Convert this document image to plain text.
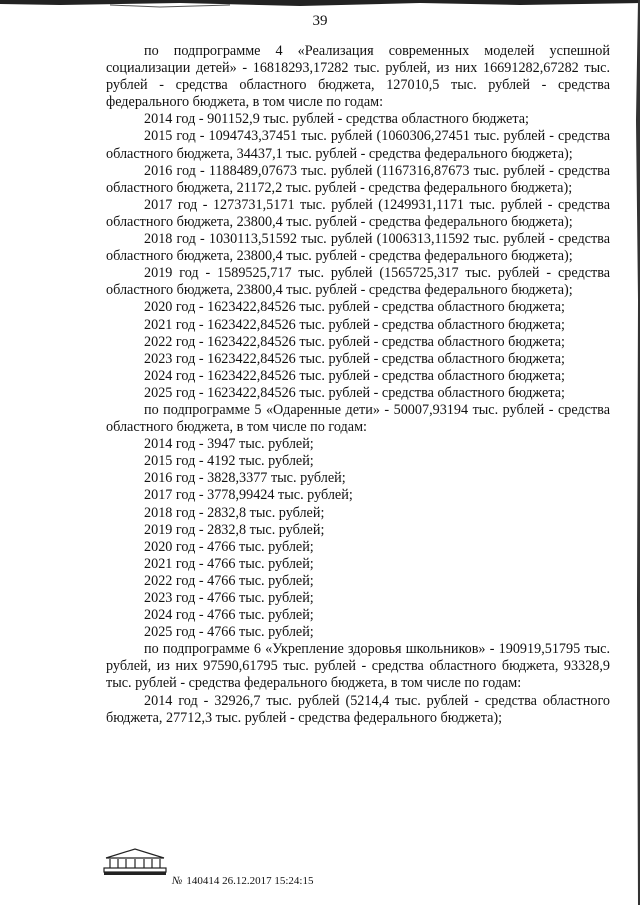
39

по подпрограмме 4 «Реализация современных моделей успешной социализации детей» - 16818293,17282 тыс. рублей, из них 16691282,67282 тыс. рублей - средства областного бюджета, 127010,5 тыс. рублей - средства федерального бюджета, в том числе по годам:

2014 год - 901152,9 тыс. рублей - средства областного бюджета;

2015 год - 1094743,37451 тыс. рублей (1060306,27451 тыс. рублей - средства областного бюджета, 34437,1 тыс. рублей - средства федерального бюджета);

2016 год - 1188489,07673 тыс. рублей (1167316,87673 тыс. рублей - средства областного бюджета, 21172,2 тыс. рублей - средства федерального бюджета);

2017 год - 1273731,5171 тыс. рублей (1249931,1171 тыс. рублей - средства областного бюджета, 23800,4 тыс. рублей - средства федерального бюджета);

2018 год - 1030113,51592 тыс. рублей (1006313,11592 тыс. рублей - средства областного бюджета, 23800,4 тыс. рублей - средства федерального бюджета);

2019 год - 1589525,717 тыс. рублей (1565725,317 тыс. рублей - средства областного бюджета, 23800,4 тыс. рублей - средства федерального бюджета);

2020 год - 1623422,84526 тыс. рублей - средства областного бюджета;

2021 год - 1623422,84526 тыс. рублей - средства областного бюджета;

2022 год - 1623422,84526 тыс. рублей - средства областного бюджета;

2023 год - 1623422,84526 тыс. рублей - средства областного бюджета;

2024 год - 1623422,84526 тыс. рублей - средства областного бюджета;

2025 год - 1623422,84526 тыс. рублей - средства областного бюджета;

по подпрограмме 5 «Одаренные дети» - 50007,93194 тыс. рублей - средства областного бюджета, в том числе по годам:

2014 год - 3947 тыс. рублей;

2015 год - 4192 тыс. рублей;

2016 год - 3828,3377 тыс. рублей;

2017 год - 3778,99424 тыс. рублей;

2018 год - 2832,8 тыс. рублей;

2019 год - 2832,8 тыс. рублей;

2020 год - 4766 тыс. рублей;

2021 год - 4766 тыс. рублей;

2022 год - 4766 тыс. рублей;

2023 год - 4766 тыс. рублей;

2024 год - 4766 тыс. рублей;

2025 год - 4766 тыс. рублей;

по подпрограмме 6 «Укрепление здоровья школьников» - 190919,51795 тыс. рублей, из них 97590,61795 тыс. рублей - средства областного бюджета, 93328,9 тыс. рублей - средства федерального бюджета, в том числе по годам:

2014 год - 32926,7 тыс. рублей (5214,4 тыс. рублей - средства областного бюджета, 27712,3 тыс. рублей - средства федерального бюджета);

№ 140414 26.12.2017 15:24:15
